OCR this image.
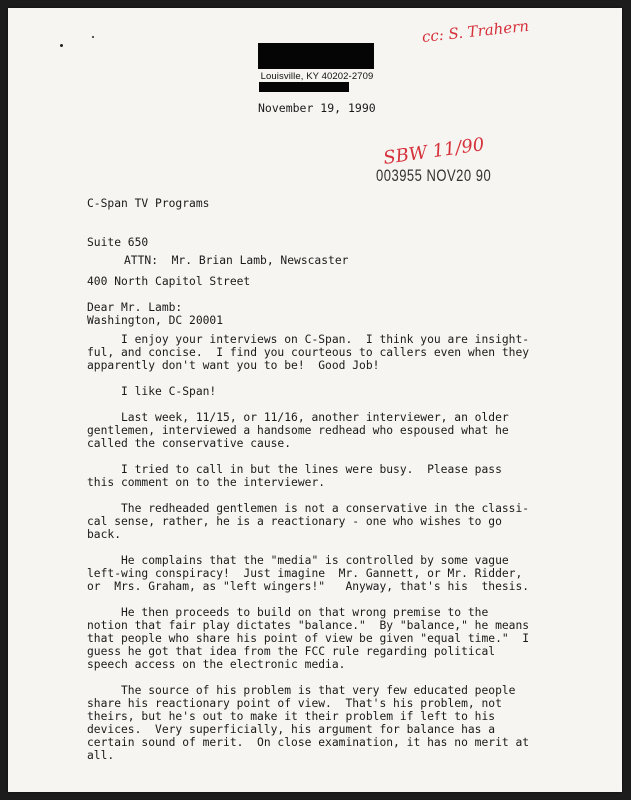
cc: S. Trahern
Louisville, KY 40202-2709
November 19, 1990
SBW 11/90
003955 NOV20 90

C-Span TV Programs

Suite 650

400 North Capitol Street

Washington, DC 20001

ATTN:  Mr. Brian Lamb, Newscaster
Dear Mr. Lamb:
I enjoy your interviews on C-Span.  I think you are insight-
ful, and concise.  I find you courteous to callers even when they
apparently don't want you to be!  Good Job!
I like C-Span!
Last week, 11/15, or 11/16, another interviewer, an older
gentlemen, interviewed a handsome redhead who espoused what he
called the conservative cause.
I tried to call in but the lines were busy.  Please pass
this comment on to the interviewer.
The redheaded gentlemen is not a conservative in the classi-
cal sense, rather, he is a reactionary - one who wishes to go
back.
He complains that the "media" is controlled by some vague
left-wing conspiracy!  Just imagine  Mr. Gannett, or Mr. Ridder,
or  Mrs. Graham, as "left wingers!"   Anyway, that's his  thesis.
He then proceeds to build on that wrong premise to the
notion that fair play dictates "balance."  By "balance," he means
that people who share his point of view be given "equal time."  I
guess he got that idea from the FCC rule regarding political
speech access on the electronic media.
The source of his problem is that very few educated people
share his reactionary point of view.  That's his problem, not
theirs, but he's out to make it their problem if left to his
devices.  Very superficially, his argument for balance has a
certain sound of merit.  On close examination, it has no merit at
all.
